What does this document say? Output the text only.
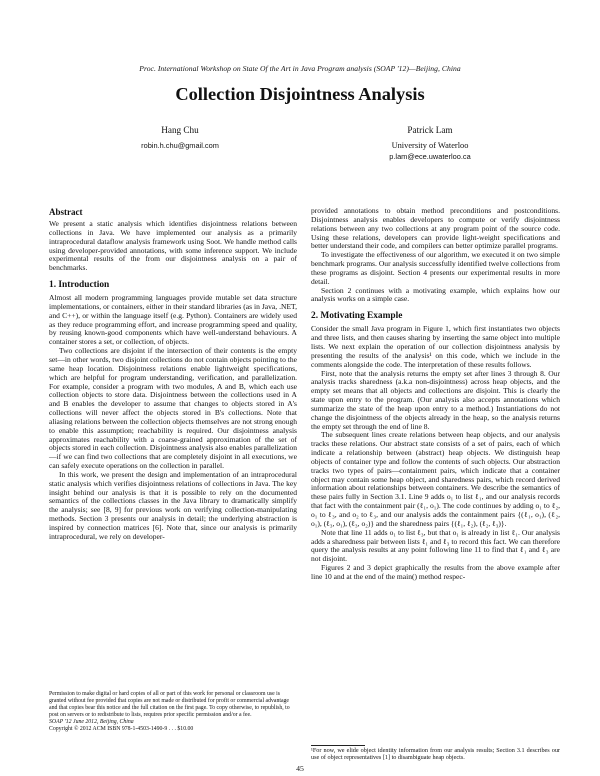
Proc. International Workshop on State Of the Art in Java Program analysis (SOAP '12)—Beijing, China
Collection Disjointness Analysis
Hang Chu
robin.h.chu@gmail.com
Patrick Lam
University of Waterloo
p.lam@ece.uwaterloo.ca
Abstract

We present a static analysis which identifies disjointness relations between collections in Java. We have implemented our analysis as a primarily intraprocedural dataflow analysis framework using Soot. We handle method calls using developer-provided annotations, with some inference support. We include experimental results of the from our disjointness analysis on a pair of benchmarks.

1. Introduction

Almost all modern programming languages provide mutable set data structure implementations, or containers, either in their standard libraries (as in Java, .NET, and C++), or within the language itself (e.g. Python). Containers are widely used as they reduce programming effort, and increase programming speed and quality, by reusing known-good components which have well-understand behaviours. A container stores a set, or collection, of objects.

Two collections are disjoint if the intersection of their contents is the empty set—in other words, two disjoint collections do not contain objects pointing to the same heap location. Disjointness relations enable lightweight specifications, which are helpful for program understanding, verification, and parallelization. For example, consider a program with two modules, A and B, which each use collection objects to store data. Disjointness between the collections used in A and B enables the developer to assume that changes to objects stored in A's collections will never affect the objects stored in B's collections. Note that aliasing relations between the collection objects themselves are not strong enough to enable this assumption; reachability is required. Our disjointness analysis approximates reachability with a coarse-grained approximation of the set of objects stored in each collection. Disjointness analysis also enables parallelization—if we can find two collections that are completely disjoint in all executions, we can safely execute operations on the collection in parallel.

In this work, we present the design and implementation of an intraprocedural static analysis which verifies disjointness relations of collections in Java. The key insight behind our analysis is that it is possible to rely on the documented semantics of the collections classes in the Java library to dramatically simplify the analysis; see [8, 9] for previous work on verifying collection-manipulating methods. Section 3 presents our analysis in detail; the underlying abstraction is inspired by connection matrices [6]. Note that, since our analysis is primarily intraprocedural, we rely on developer-

Permission to make digital or hard copies of all or part of this work for personal or classroom use is granted without fee provided that copies are not made or distributed for profit or commercial advantage and that copies bear this notice and the full citation on the first page. To copy otherwise, to republish, to post on servers or to redistribute to lists, requires prior specific permission and/or a fee.
SOAP '12 June 2012, Beijing, China
Copyright © 2012 ACM ISBN 978-1-4503-1490-9 . . . $10.00

provided annotations to obtain method preconditions and postconditions. Disjointness analysis enables developers to compute or verify disjointness relations between any two collections at any program point of the source code. Using these relations, developers can provide light-weight specifications and better understand their code, and compilers can better optimize parallel programs.

To investigate the effectiveness of our algorithm, we executed it on two simple benchmark programs. Our analysis successfully identified twelve collections from these programs as disjoint. Section 4 presents our experimental results in more detail.

Section 2 continues with a motivating example, which explains how our analysis works on a simple case.

2. Motivating Example

Consider the small Java program in Figure 1, which first instantiates two objects and three lists, and then causes sharing by inserting the same object into multiple lists. We next explain the operation of our collection disjointness analysis by presenting the results of the analysis¹ on this code, which we include in the comments alongside the code. The interpretation of these results follows.

First, note that the analysis returns the empty set after lines 3 through 8. Our analysis tracks sharedness (a.k.a non-disjointness) across heap objects, and the empty set means that all objects and collections are disjoint. This is clearly the state upon entry to the program. (Our analysis also accepts annotations which summarize the state of the heap upon entry to a method.) Instantiations do not change the disjointness of the objects already in the heap, so the analysis returns the empty set through the end of line 8.

The subsequent lines create relations between heap objects, and our analysis tracks these relations. Our abstract state consists of a set of pairs, each of which indicate a relationship between (abstract) heap objects. We distinguish heap objects of container type and follow the contents of such objects. Our abstraction tracks two types of pairs—containment pairs, which indicate that a container object may contain some heap object, and sharedness pairs, which record derived information about relationships between containers. We describe the semantics of these pairs fully in Section 3.1. Line 9 adds o₁ to list ℓ₁, and our analysis records that fact with the containment pair (ℓ₁, o₁). The code continues by adding o₁ to ℓ₂, o₁ to ℓ₃, and o₂ to ℓ₃, and our analysis adds the containment pairs {(ℓ₁, o₁), (ℓ₂, o₁), (ℓ₃, o₁), (ℓ₃, o₂)} and the sharedness pairs {(ℓ₁, ℓ₂), (ℓ₂, ℓ₃)}.

Note that line 11 adds o₁ to list ℓ₃, but that o₁ is already in list ℓ₁. Our analysis adds a sharedness pair between lists ℓ₁ and ℓ₃ to record this fact. We can therefore query the analysis results at any point following line 11 to find that ℓ₁ and ℓ₃ are not disjoint.

Figures 2 and 3 depict graphically the results from the above example after line 10 and at the end of the main() method respec-

¹For now, we elide object identity information from our analysis results; Section 3.1 describes our use of object representatives [1] to disambiguate heap objects.
45
